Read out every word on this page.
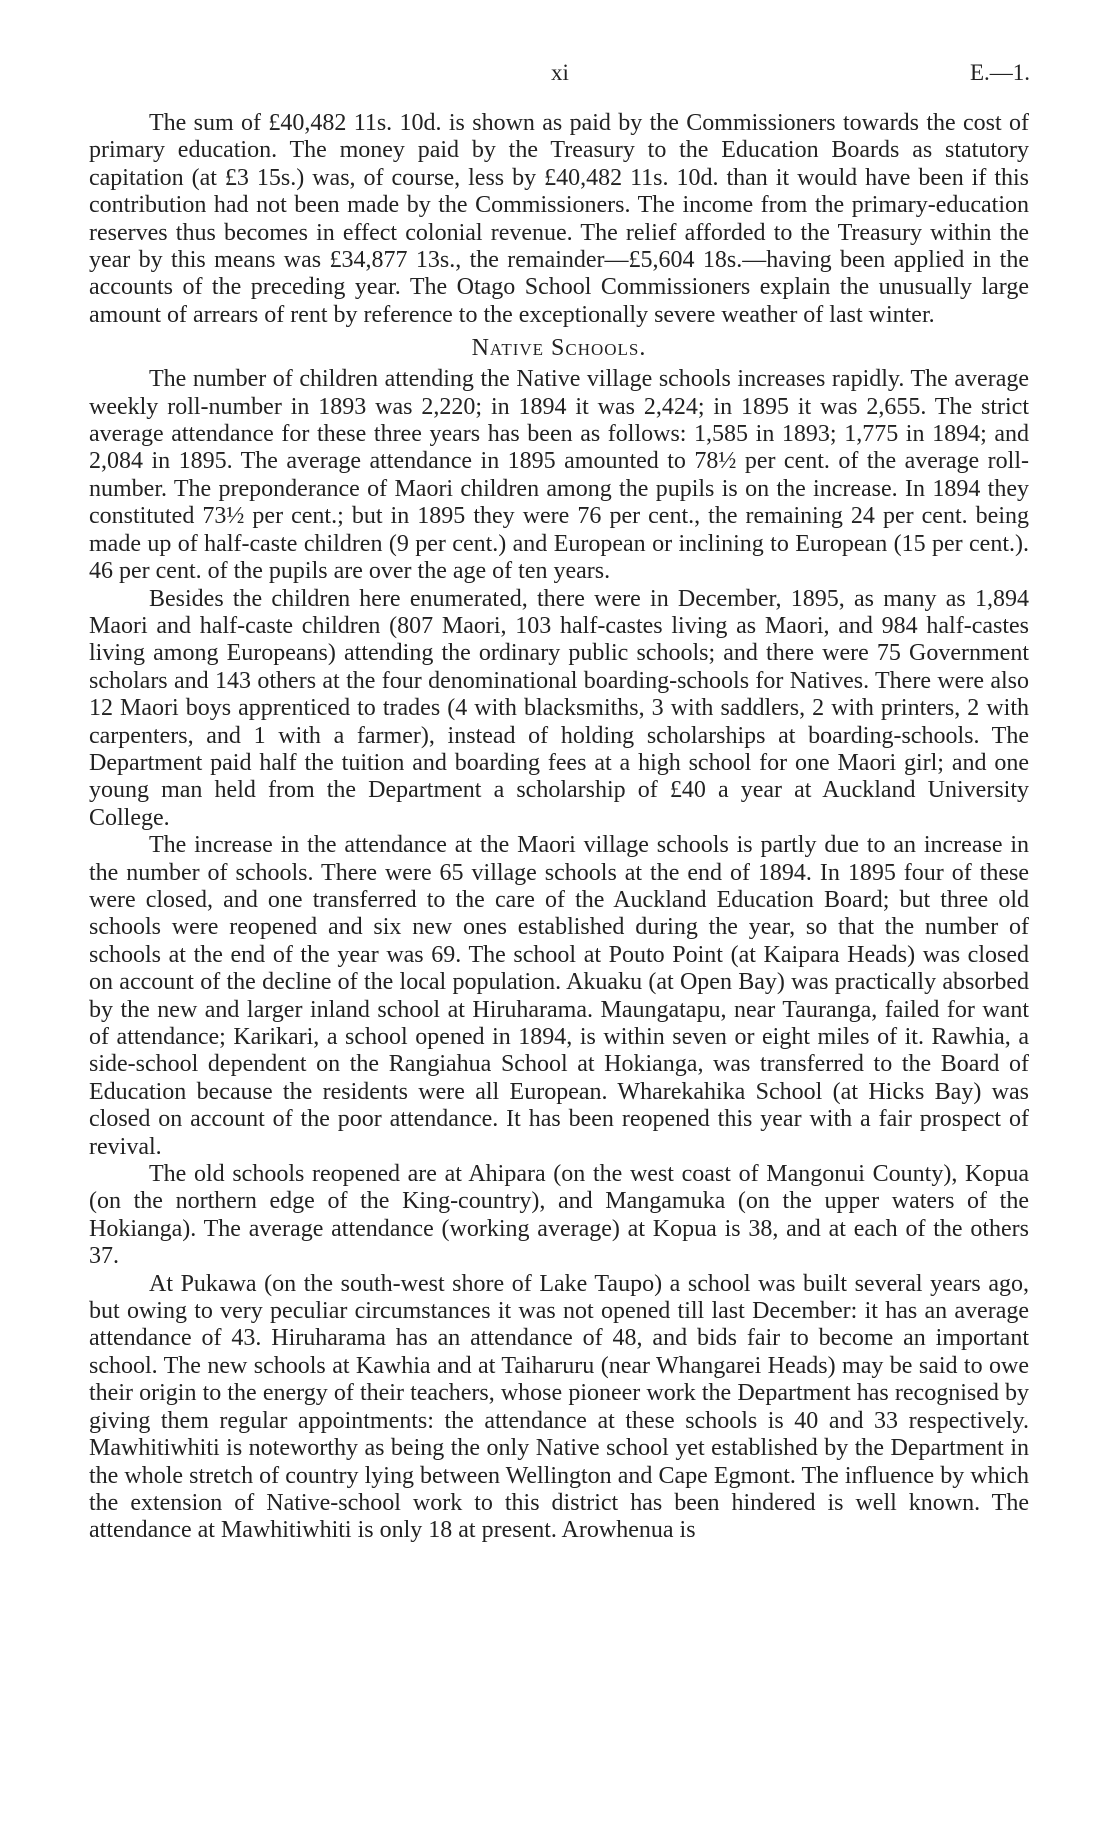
xi	E.—1.

The sum of £40,482 11s. 10d. is shown as paid by the Commissioners towards the cost of primary education. The money paid by the Treasury to the Education Boards as statutory capitation (at £3 15s.) was, of course, less by £40,482 11s. 10d. than it would have been if this contribution had not been made by the Commissioners. The income from the primary-education reserves thus becomes in effect colonial revenue. The relief afforded to the Treasury within the year by this means was £34,877 13s., the remainder—£5,604 18s.—having been applied in the accounts of the preceding year. The Otago School Commissioners explain the unusually large amount of arrears of rent by reference to the exceptionally severe weather of last winter.

Native Schools.

The number of children attending the Native village schools increases rapidly. The average weekly roll-number in 1893 was 2,220; in 1894 it was 2,424; in 1895 it was 2,655. The strict average attendance for these three years has been as follows: 1,585 in 1893; 1,775 in 1894; and 2,084 in 1895. The average attendance in 1895 amounted to 78½ per cent. of the average roll-number. The preponderance of Maori children among the pupils is on the increase. In 1894 they constituted 73½ per cent.; but in 1895 they were 76 per cent., the remaining 24 per cent. being made up of half-caste children (9 per cent.) and European or inclining to European (15 per cent.). 46 per cent. of the pupils are over the age of ten years.

Besides the children here enumerated, there were in December, 1895, as many as 1,894 Maori and half-caste children (807 Maori, 103 half-castes living as Maori, and 984 half-castes living among Europeans) attending the ordinary public schools; and there were 75 Government scholars and 143 others at the four denominational boarding-schools for Natives. There were also 12 Maori boys apprenticed to trades (4 with blacksmiths, 3 with saddlers, 2 with printers, 2 with carpenters, and 1 with a farmer), instead of holding scholarships at boarding-schools. The Department paid half the tuition and boarding fees at a high school for one Maori girl; and one young man held from the Department a scholarship of £40 a year at Auckland University College.

The increase in the attendance at the Maori village schools is partly due to an increase in the number of schools. There were 65 village schools at the end of 1894. In 1895 four of these were closed, and one transferred to the care of the Auckland Education Board; but three old schools were reopened and six new ones established during the year, so that the number of schools at the end of the year was 69. The school at Pouto Point (at Kaipara Heads) was closed on account of the decline of the local population. Akuaku (at Open Bay) was practically absorbed by the new and larger inland school at Hiruharama. Maungatapu, near Tauranga, failed for want of attendance; Karikari, a school opened in 1894, is within seven or eight miles of it. Rawhia, a side-school dependent on the Rangiahua School at Hokianga, was transferred to the Board of Education because the residents were all European. Wharekahika School (at Hicks Bay) was closed on account of the poor attendance. It has been reopened this year with a fair prospect of revival.

The old schools reopened are at Ahipara (on the west coast of Mangonui County), Kopua (on the northern edge of the King-country), and Mangamuka (on the upper waters of the Hokianga). The average attendance (working average) at Kopua is 38, and at each of the others 37.

At Pukawa (on the south-west shore of Lake Taupo) a school was built several years ago, but owing to very peculiar circumstances it was not opened till last December: it has an average attendance of 43. Hiruharama has an attendance of 48, and bids fair to become an important school. The new schools at Kawhia and at Taiharuru (near Whangarei Heads) may be said to owe their origin to the energy of their teachers, whose pioneer work the Department has recognised by giving them regular appointments: the attendance at these schools is 40 and 33 respectively. Mawhitiwhiti is noteworthy as being the only Native school yet established by the Department in the whole stretch of country lying between Wellington and Cape Egmont. The influence by which the extension of Native-school work to this district has been hindered is well known. The attendance at Mawhitiwhiti is only 18 at present. Arowhenua is
